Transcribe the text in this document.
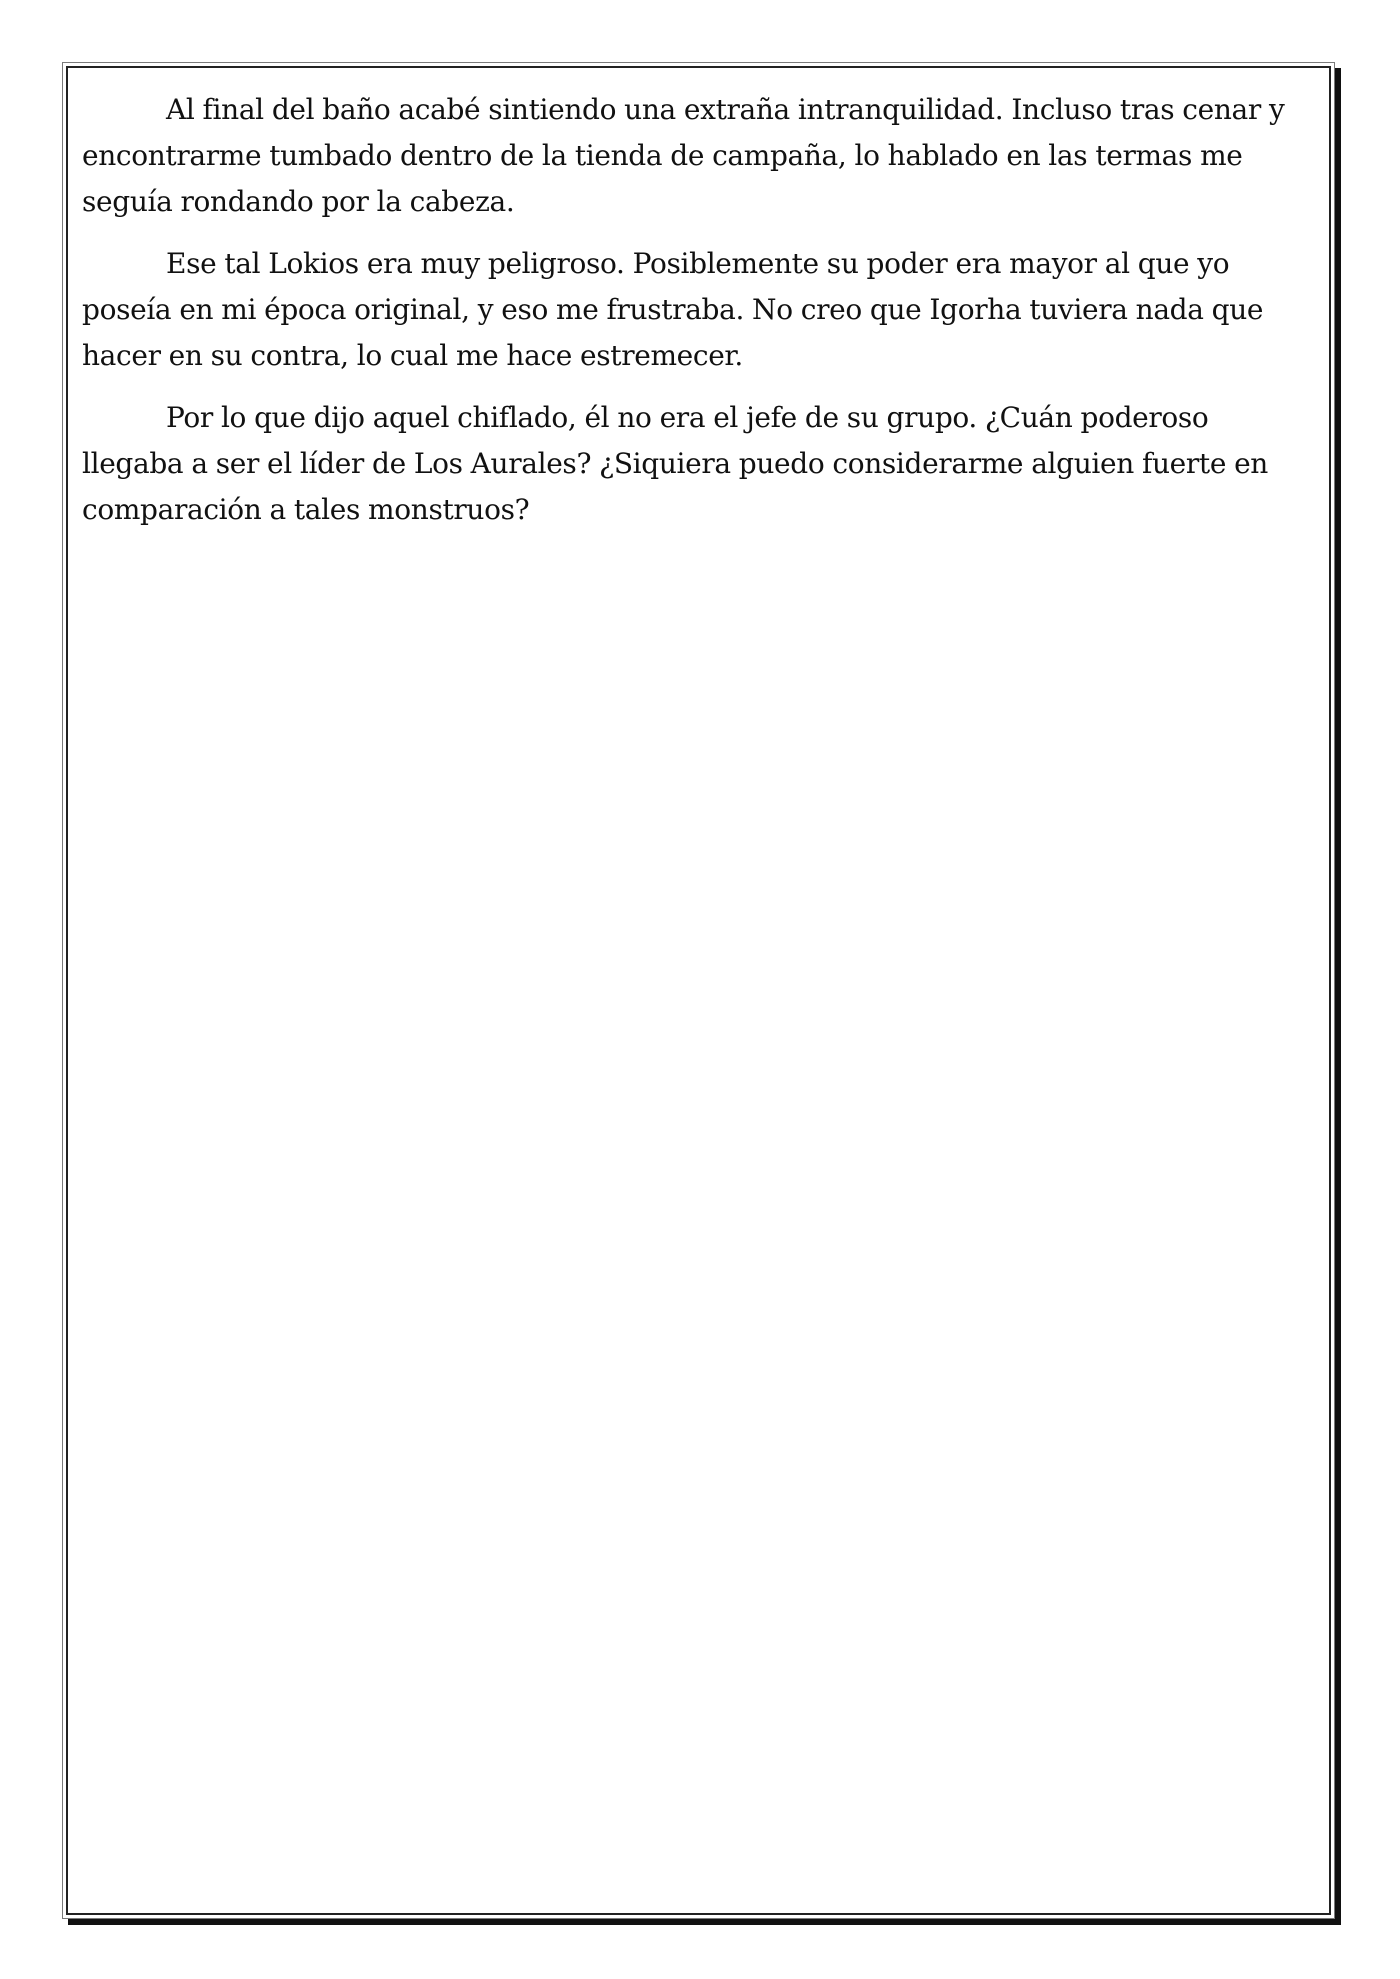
Al final del baño acabé sintiendo una extraña intranquilidad. Incluso tras cenar y encontrarme tumbado dentro de la tienda de campaña, lo hablado en las termas me seguía rondando por la cabeza.

Ese tal Lokios era muy peligroso. Posiblemente su poder era mayor al que yo poseía en mi época original, y eso me frustraba. No creo que Igorha tuviera nada que hacer en su contra, lo cual me hace estremecer.

Por lo que dijo aquel chiflado, él no era el jefe de su grupo. ¿Cuán poderoso llegaba a ser el líder de Los Aurales? ¿Siquiera puedo considerarme alguien fuerte en comparación a tales monstruos?
